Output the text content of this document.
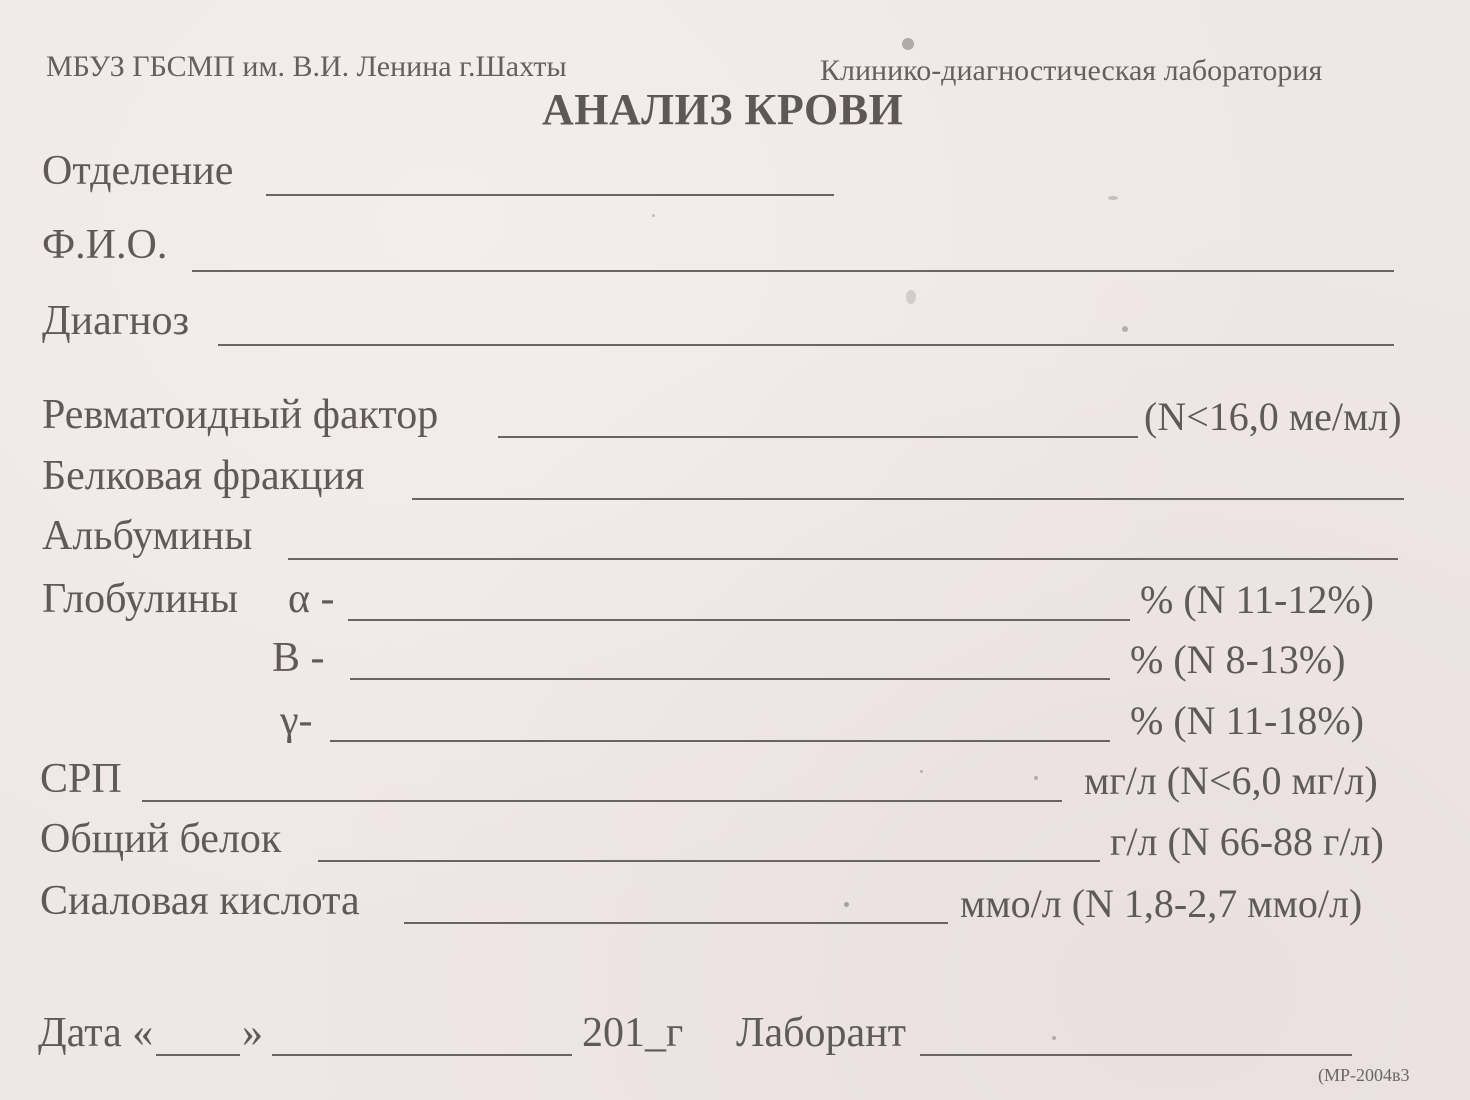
МБУЗ ГБСМП им. В.И. Ленина г.Шахты	Клинико-диагностическая лаборатория
АНАЛИЗ КРОВИ
Отделение
Ф.И.О.
Диагноз
Ревматоидный фактор	(N<16,0 ме/мл)
Белковая фракция
Альбумины
Глобулины α -	% (N 11-12%)
В -	% (N 8-13%)
γ-	% (N 11-18%)
СРП	мг/л (N<6,0 мг/л)
Общий белок	г/л (N 66-88 г/л)
Сиаловая кислота	ммо/л (N 1,8-2,7 ммо/л)
Дата « »	201_г Лаборант
(МР-2004в3
